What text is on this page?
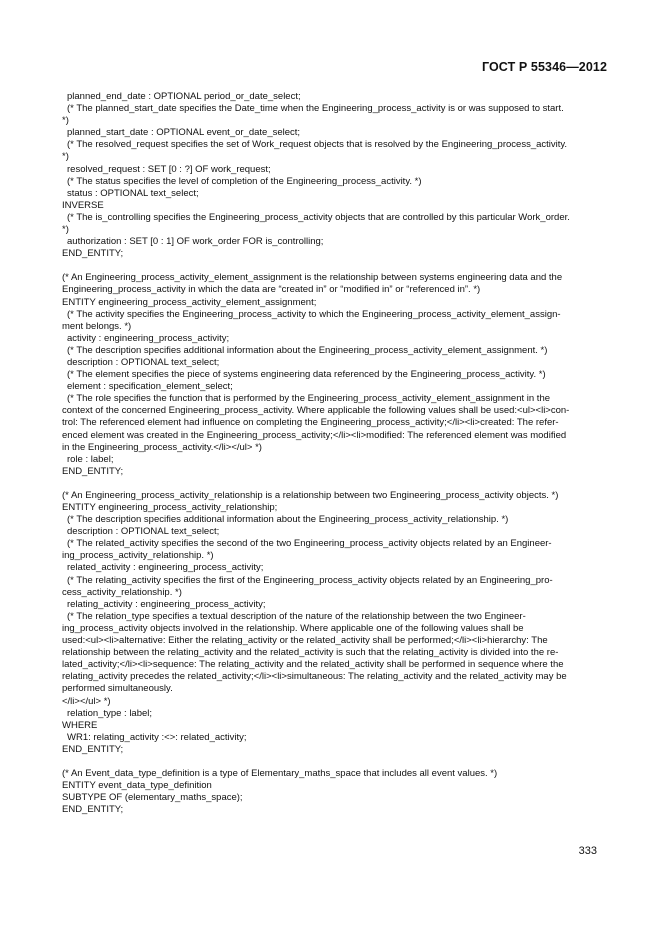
ГОСТ Р 55346—2012
planned_end_date : OPTIONAL period_or_date_select;
(* The planned_start_date specifies the Date_time when the Engineering_process_activity is or was supposed to start.
*)
planned_start_date : OPTIONAL event_or_date_select;
(* The resolved_request specifies the set of Work_request objects that is resolved by the Engineering_process_activity.
*)
resolved_request : SET [0 : ?] OF work_request;
(* The status specifies the level of completion of the Engineering_process_activity. *)
status : OPTIONAL text_select;
INVERSE
(* The is_controlling specifies the Engineering_process_activity objects that are controlled by this particular Work_order.
*)
authorization : SET [0 : 1] OF work_order FOR is_controlling;
END_ENTITY;
(* An Engineering_process_activity_element_assignment is the relationship between systems engineering data and the
Engineering_process_activity in which the data are “created in” or “modified in” or “referenced in”. *)
ENTITY engineering_process_activity_element_assignment;
(* The activity specifies the Engineering_process_activity to which the Engineering_process_activity_element_assign-
ment belongs. *)
activity : engineering_process_activity;
(* The description specifies additional information about the Engineering_process_activity_element_assignment. *)
description : OPTIONAL text_select;
(* The element specifies the piece of systems engineering data referenced by the Engineering_process_activity. *)
element : specification_element_select;
(* The role specifies the function that is performed by the Engineering_process_activity_element_assignment in the
context of the concerned Engineering_process_activity. Where applicable the following values shall be used:<ul><li>con-
trol: The referenced element had influence on completing the Engineering_process_activity;</li><li>created: The refer-
enced element was created in the Engineering_process_activity;</li><li>modified: The referenced element was modified
in the Engineering_process_activity.</li></ul> *)
role : label;
END_ENTITY;
(* An Engineering_process_activity_relationship is a relationship between two Engineering_process_activity objects. *)
ENTITY engineering_process_activity_relationship;
(* The description specifies additional information about the Engineering_process_activity_relationship. *)
description : OPTIONAL text_select;
(* The related_activity specifies the second of the two Engineering_process_activity objects related by an Engineer-
ing_process_activity_relationship. *)
related_activity : engineering_process_activity;
(* The relating_activity specifies the first of the Engineering_process_activity objects related by an Engineering_pro-
cess_activity_relationship. *)
relating_activity : engineering_process_activity;
(* The relation_type specifies a textual description of the nature of the relationship between the two Engineer-
ing_process_activity objects involved in the relationship. Where applicable one of the following values shall be
used:<ul><li>alternative: Either the relating_activity or the related_activity shall be performed;</li><li>hierarchy: The
relationship between the relating_activity and the related_activity is such that the relating_activity is divided into the re-
lated_activity;</li><li>sequence: The relating_activity and the related_activity shall be performed in sequence where the
relating_activity precedes the related_activity;</li><li>simultaneous: The relating_activity and the related_activity may be
performed simultaneously.
</li></ul> *)
relation_type : label;
WHERE
WR1: relating_activity :<>: related_activity;
END_ENTITY;
(* An Event_data_type_definition is a type of Elementary_maths_space that includes all event values. *)
ENTITY event_data_type_definition
SUBTYPE OF (elementary_maths_space);
END_ENTITY;
333
